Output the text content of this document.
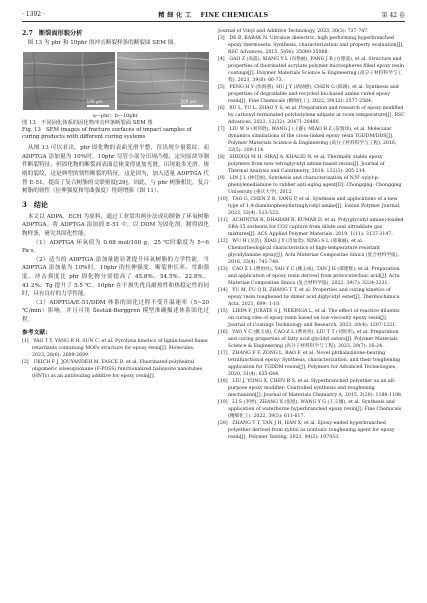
· 1392 ·	精 细 化 工 　FINE CHEMICALS	第 42 卷
2.7　断裂面形貌分析

　图 13 为 phr 和 10phr 的冲击断裂样条的断裂面 SEM 图。

100 μm	100 μm
a—phr；b—10phr

图 13　不同固化体系的固化物冲击样条断裂面 SEM 图

Fig. 13　SEM images of fracture surfaces of impact samples of curing products with different curing systems

　从图 13 可以看出，phr 固化物的表面光滑平整，仅出现少量裂纹，而 ADPTGA 添加量为 10%时，10phr 尽管小部分出现凸棱，定向原块导制件断裂特征，但固化物的断裂面表面总体变得更加光滑，出现更多光滑、规则的裂纹，这是典型的韧性断裂的特征。这是因为，加入适量 ADPTGA 代替 E-51，提高了复合树脂的交联密度[29]。因此，与 phr 树脂相比，复合树脂的韧性（拉伸强度和弯曲强度）得到增强（图 11）。

3　结论

　本文以 ADPA、ECH 为原料，通过工业常用两步法成功制备了环氧树脂 ADPTGA。将 ADPTGA 添加到 E-51 中，以 DDM 为固化剂，制得固化物样条，研究其固化性能。

（1）ADPTGA 环氧值为 0.68 mol/100 g，25 ℃时黏度为 5~6 Pa·s。

（2）适当的 ADPTGA 添加量能显著提升环氧树脂的力学性能。当 ADPTGA 添加量为 10%时，10phr 的拉伸强度、断裂伸长率、弯曲强度、冲击强度比 phr 固化物分别提高了 45.8%、54.5%、22.8%、41.2%；Tg 提升了 5.5 ℃。10phr 在不损失优良耐热性和热稳定性的同时，具有良好的力学性能。

（3）ADPTGA/E-51/DDM 体系的固化过程不受升温速率（5~20 ℃/min）影响，并且可用 Šesták-Berggren 模型准确描述体系固化过程。

参考文献：

[1]　YAO T Y, YANG R H, SUN C, et al. Pyrolysis kinetics of lignin-based flame retardants containing MOFs structure for epoxy resin[J]. Molecules, 2023, 28(6): 2699-2699.

[2]　UKICH F J, JOUYANDEH M, FASCE D, et al. Fluorinated-polyhedral oligomeric silsesquioxane (F-POSS) functionalized halloysite nanotubes (HNTs) as an antifouling additive for epoxy resin[J].

Journal of Vinyl and Additive Technology, 2023, 30(3): 727-747.

[3]　DE B, KARAK N. Ultralow dielectric, high performing hyperbranched epoxy thermosets: Synthesis, characterization and property evaluation[J]. RSC Advances, 2015, 5(64): 35080-35088.

[4]　GAO Z (高震), XIANG Y L (向艳丽), FANG J B (方建波), et al. Structure and properties of fluorinated acrylate polymer microspheres filled epoxy resin coatings[J]. Polymer Materials Science & Engineering (高分子材料科学与工程), 2023, 39(8): 66-73.

[5]　PENG H Y (彭海燕), HU J Y (胡涌德), CHEN G (陈刚), et al. Synthesis and properties of degradable and recycled bio-based amine cured epoxy resin[J]. Fine Chemicals (精细化工), 2022, 39(12): 2577-2584.

[6]　XU L, YU L, ZHAO Y S, et al. Preparation and research of epoxy modified by carboxyl-terminated polybutylene adipate at room temperature[J]. RSC Advances, 2022, 12(32): 20471-20480.

[7]　LIU W S (刘伟胜), WANG J (王静), MIAO R Z (苗瑞珍), et al. Molecular dynamics simulations of the cross-linked epoxy resin TGDDM/DDS[J]. Polymer Materials Science & Engineering (高分子材料科学与工程), 2016, 32(5): 109-114.

[8]　SIDDIQI M H, SIRAJ A, KHALID N, et al. Thermally stable epoxy polymers from new tetraglycidyl amine-based resins[J]. Journal of Thermal Analysis and Calorimetry, 2018, 132(2): 205-214.

[9]　LIN J L (林佳丽). Synthesis and characterization of N,N'-xylyl-p-phenylenediamine to rubber anti-aging agent[D]. Chongqing: Chongqing University (重庆大学), 2012.

[10]　TAO G, CHEN Z R, YANG P, et al. Synthesis and applications of a new type of 1,4-diaminophenyltetraglycidyl amine[J]. Ionian Polymer Journal, 2023, 32(4): 513-522.

[11]　ACHINTYA R, DHARAM R, KUMAR D, et al. Poly(glycidyl amine)-loaded SBA-15 sorbents for CO2 capture from dilute and ultradilute gas mixtures[J]. ACS Applied Polymer Materials, 2019, 1(11): 3137-3147.

[12]　WU H (吴浩), XIAO J Y (肖加余), XING S L (邢素丽), et al. Chemorheological characteristics of high-temperature resistant glycidylamine epoxy[J]. Acta Materiae Compositae Sinica (复合材料学报), 2016, 33(4): 741-748.

[13]　CAO Z L (曹再亮), YAO Y C (姚玉成), TAN J H (谭建辉), et al. Preparation and application of epoxy resin derived from protocatechuic acid[J]. Acta Materiae Compositae Sinica (复合材料学报), 2022, 39(7): 3224-3231.

[14]　YU M, FU Q R, ZHANG T T, et al. Properties and curing kinetics of epoxy resin toughened by dimer acid diglycidyl ester[J]. Thermochimica Acta, 2021, 699: 1-10.

[15]　LIEPA P, JURATE S J, NEKINGA L, et al. The effect of reactive diluents on curing rate of epoxy resin based on low-viscosity epoxy resin[J]. Journal of Coatings Technology and Research, 2023, 20(4): 1207-1221.

[16]　YAO Y C (姚玉成), CAO Z L (曹再亮), LIU T T (刘彤彤), et al. Preparation and curing properties of fatty acid glycidyl esters[J]. Polymer Materials Science & Engineering (高分子材料科学与工程), 2023, 39(7): 16-24.

[17]　ZHANG F F, ZONG L, BAO F, et al. Novel phthalazinone-bearing tetrafunctional epoxy: Synthesis, characterization, and their toughening application for TGDDM resins[J]. Polymers for Advanced Technologies, 2020, 31(4): 635-644.

[18]　LIU J, YONG X, CHEN R S, et al. Hyperbranched polyether as an all-purpose epoxy modifier: Controlled synthesis and toughening mechanism[J]. Journal of Materials Chemistry A, 2015, 3(20): 1188-1198.

[19]　LI S (李婷), ZHANG X (张旭), WANG Y G (王义刚), et al. Synthesis and application of waterborne hyperbranched epoxy resin[J]. Fine Chemicals (精细化工), 2022, 39(5): 611-617.

[20]　ZHANG T T, TAN J H, HAN X, et al. Epoxy-ended hyperbranched polyether derived from xylitol as nontoxic toughening agent for epoxy resin[J]. Polymer Testing, 2021, 94(2): 107053.
